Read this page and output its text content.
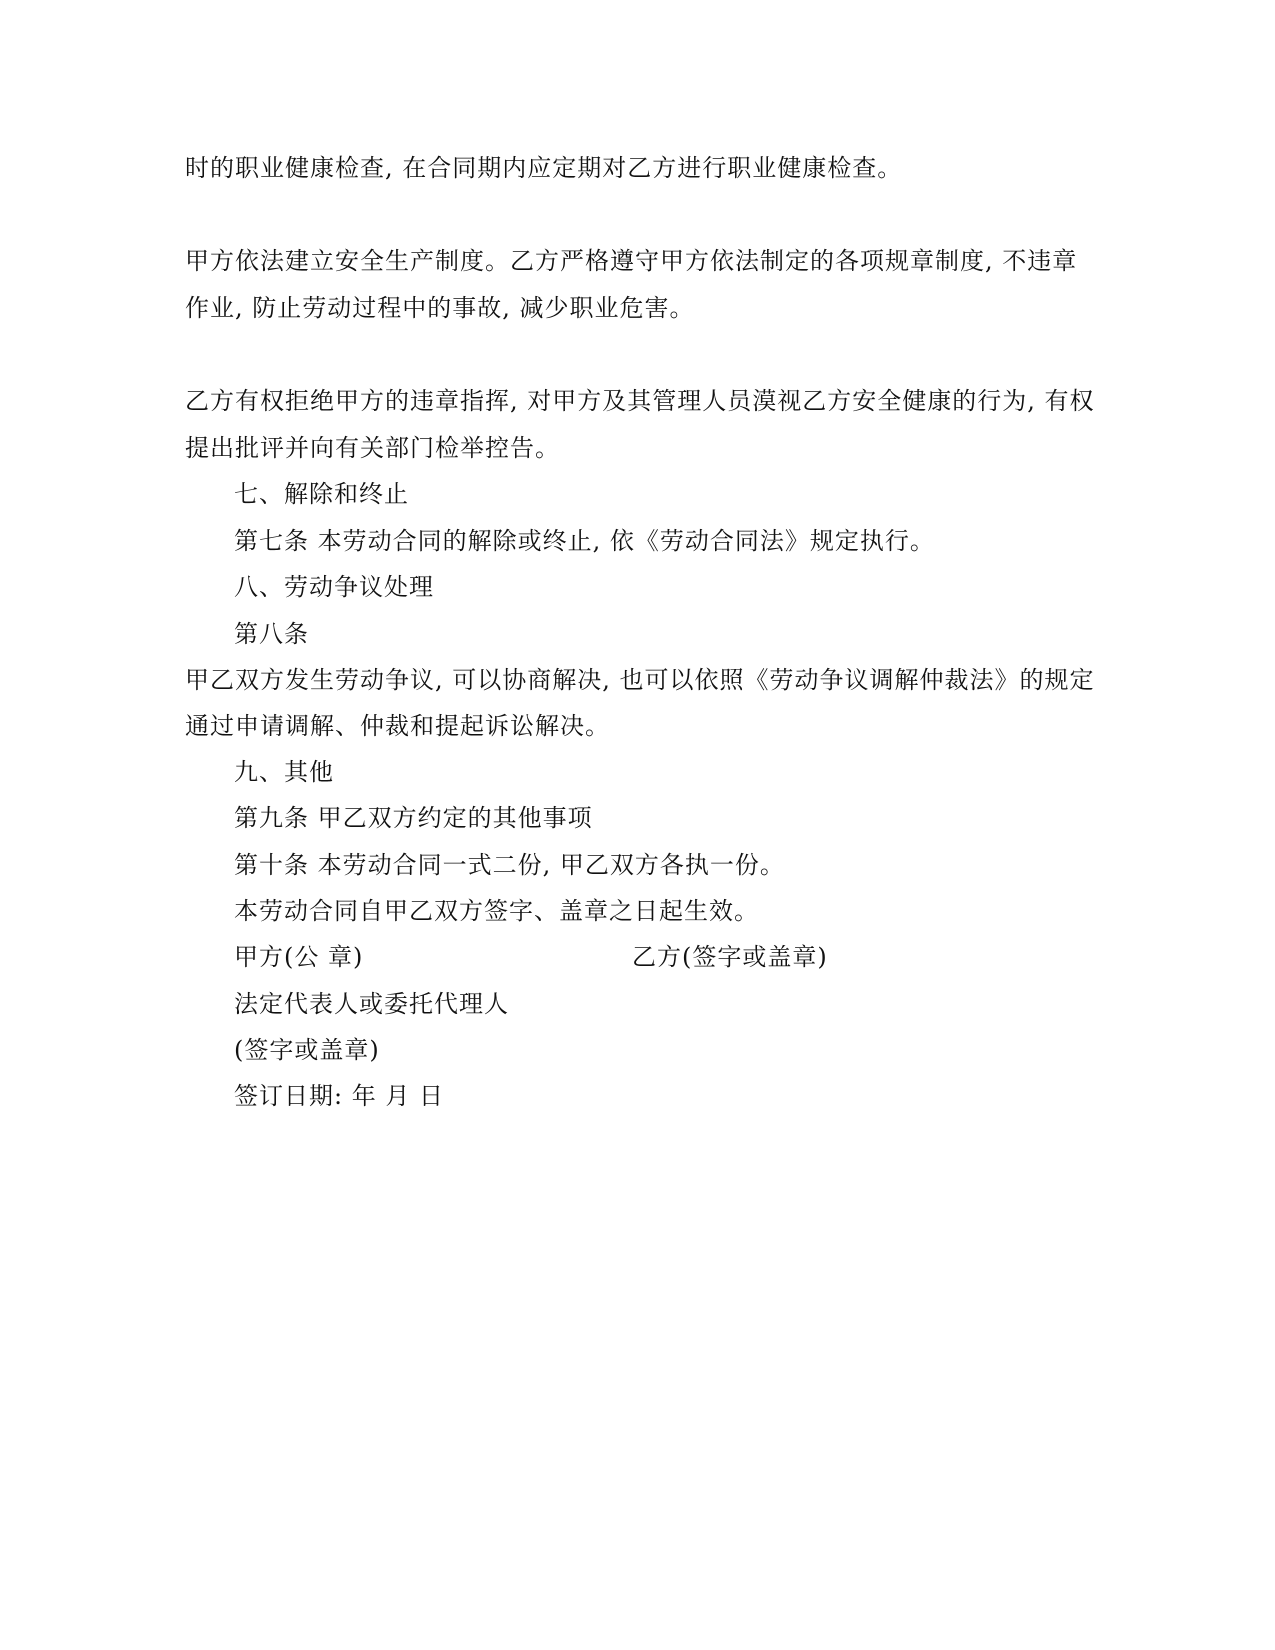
时的职业健康检查, 在合同期内应定期对乙方进行职业健康检查。
甲方依法建立安全生产制度。乙方严格遵守甲方依法制定的各项规章制度, 不违章
作业, 防止劳动过程中的事故, 减少职业危害。
乙方有权拒绝甲方的违章指挥, 对甲方及其管理人员漠视乙方安全健康的行为, 有权
提出批评并向有关部门检举控告。
七、解除和终止
第七条 本劳动合同的解除或终止, 依《劳动合同法》规定执行。
八、劳动争议处理
第八条
甲乙双方发生劳动争议, 可以协商解决, 也可以依照《劳动争议调解仲裁法》的规定
通过申请调解、仲裁和提起诉讼解决。
九、其他
第九条 甲乙双方约定的其他事项
第十条 本劳动合同一式二份, 甲乙双方各执一份。
本劳动合同自甲乙双方签字、盖章之日起生效。
甲方(公 章)	乙方(签字或盖章)
法定代表人或委托代理人
(签字或盖章)
签订日期: 年 月 日
